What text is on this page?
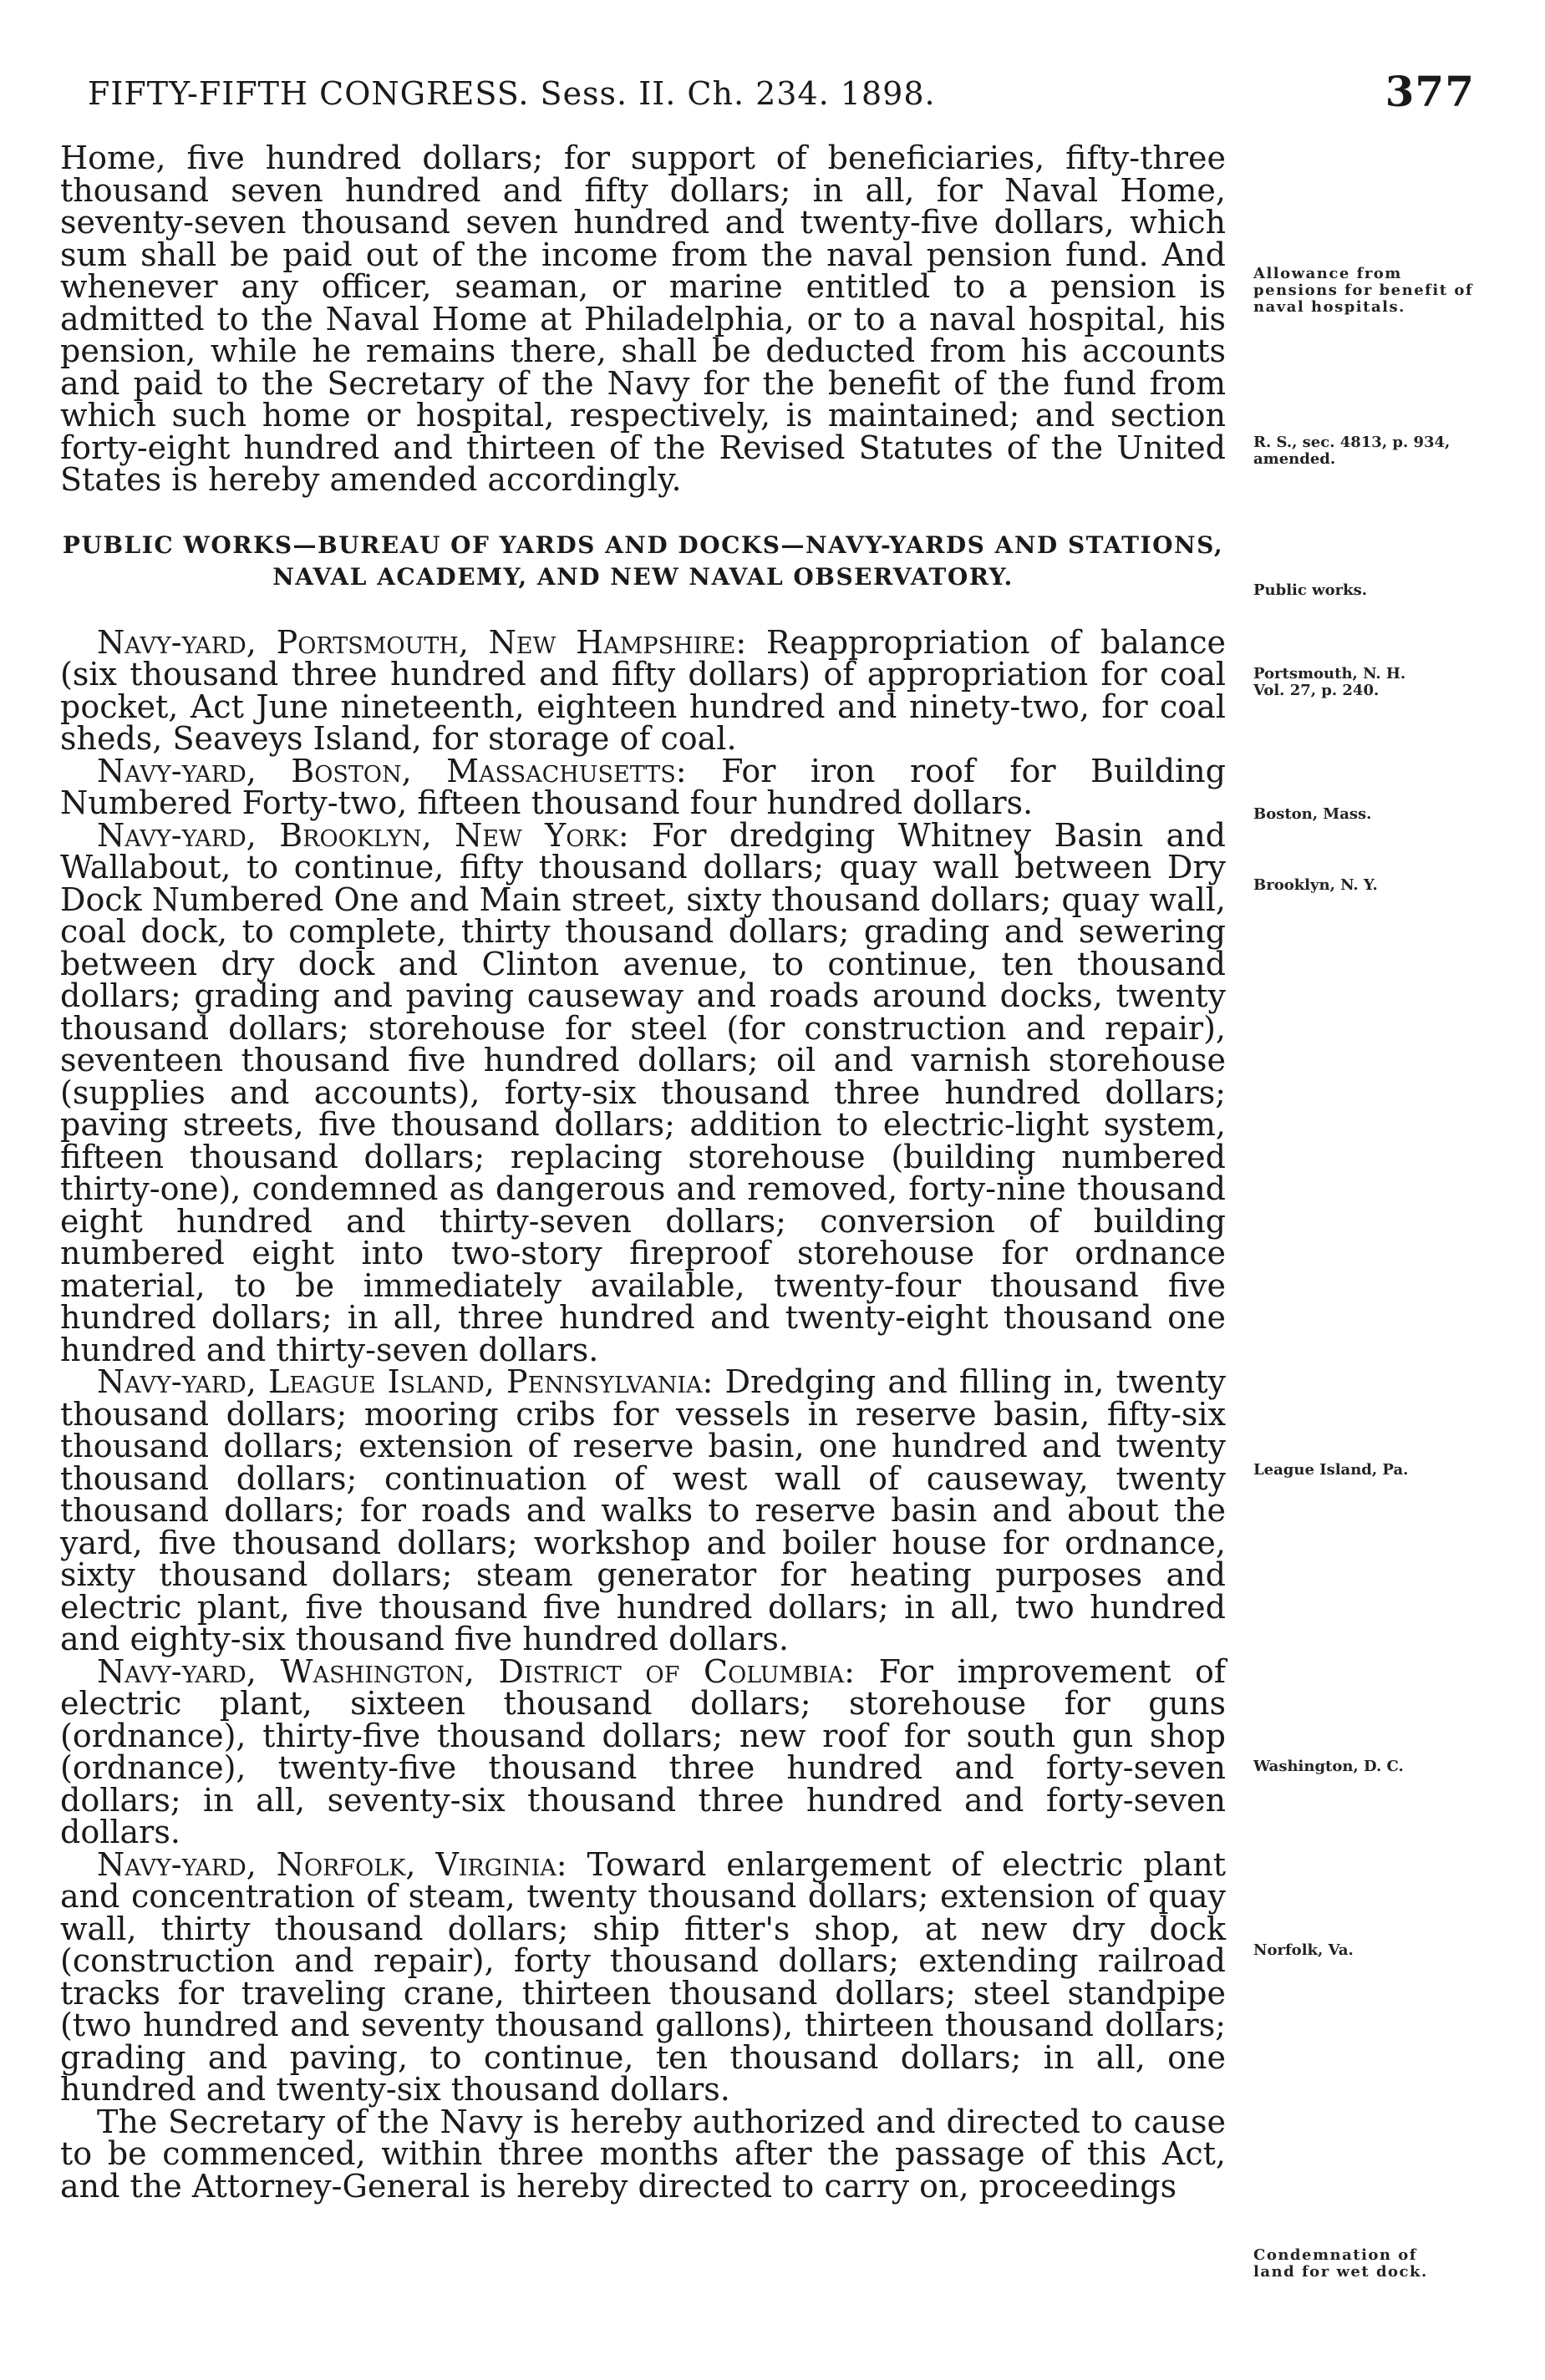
FIFTY-FIFTH CONGRESS. Sess. II. Ch. 234. 1898.	377

Home, five hundred dollars; for support of beneficiaries, fifty-three thousand seven hundred and fifty dollars; in all, for Naval Home, seventy-seven thousand seven hundred and twenty-five dollars, which sum shall be paid out of the income from the naval pension fund. And whenever any officer, seaman, or marine entitled to a pension is admitted to the Naval Home at Philadelphia, or to a naval hospital, his pension, while he remains there, shall be deducted from his accounts and paid to the Secretary of the Navy for the benefit of the fund from which such home or hospital, respectively, is maintained; and section forty-eight hundred and thirteen of the Revised Statutes of the United States is hereby amended accordingly.

PUBLIC WORKS—BUREAU OF YARDS AND DOCKS—NAVY-YARDS AND STATIONS, NAVAL ACADEMY, AND NEW NAVAL OBSERVATORY.

Navy-yard, Portsmouth, New Hampshire: Reappropriation of balance (six thousand three hundred and fifty dollars) of appropriation for coal pocket, Act June nineteenth, eighteen hundred and ninety-two, for coal sheds, Seaveys Island, for storage of coal.

Navy-yard, Boston, Massachusetts: For iron roof for Building Numbered Forty-two, fifteen thousand four hundred dollars.

Navy-yard, Brooklyn, New York: For dredging Whitney Basin and Wallabout, to continue, fifty thousand dollars; quay wall between Dry Dock Numbered One and Main street, sixty thousand dollars; quay wall, coal dock, to complete, thirty thousand dollars; grading and sewering between dry dock and Clinton avenue, to continue, ten thousand dollars; grading and paving causeway and roads around docks, twenty thousand dollars; storehouse for steel (for construction and repair), seventeen thousand five hundred dollars; oil and varnish storehouse (supplies and accounts), forty-six thousand three hundred dollars; paving streets, five thousand dollars; addition to electric-light system, fifteen thousand dollars; replacing storehouse (building numbered thirty-one), condemned as dangerous and removed, forty-nine thousand eight hundred and thirty-seven dollars; conversion of building numbered eight into two-story fireproof storehouse for ordnance material, to be immediately available, twenty-four thousand five hundred dollars; in all, three hundred and twenty-eight thousand one hundred and thirty-seven dollars.

Navy-yard, League Island, Pennsylvania: Dredging and filling in, twenty thousand dollars; mooring cribs for vessels in reserve basin, fifty-six thousand dollars; extension of reserve basin, one hundred and twenty thousand dollars; continuation of west wall of causeway, twenty thousand dollars; for roads and walks to reserve basin and about the yard, five thousand dollars; workshop and boiler house for ordnance, sixty thousand dollars; steam generator for heating purposes and electric plant, five thousand five hundred dollars; in all, two hundred and eighty-six thousand five hundred dollars.

Navy-yard, Washington, District of Columbia: For improvement of electric plant, sixteen thousand dollars; storehouse for guns (ordnance), thirty-five thousand dollars; new roof for south gun shop (ordnance), twenty-five thousand three hundred and forty-seven dollars; in all, seventy-six thousand three hundred and forty-seven dollars.

Navy-yard, Norfolk, Virginia: Toward enlargement of electric plant and concentration of steam, twenty thousand dollars; extension of quay wall, thirty thousand dollars; ship fitter's shop, at new dry dock (construction and repair), forty thousand dollars; extending railroad tracks for traveling crane, thirteen thousand dollars; steel standpipe (two hundred and seventy thousand gallons), thirteen thousand dollars; grading and paving, to continue, ten thousand dollars; in all, one hundred and twenty-six thousand dollars.

The Secretary of the Navy is hereby authorized and directed to cause to be commenced, within three months after the passage of this Act, and the Attorney-General is hereby directed to carry on, proceedings

Allowance from
pensions for benefit of
naval hospitals.
R. S., sec. 4813, p. 934,
amended.
Public works.
Portsmouth, N. H.
Vol. 27, p. 240.
Boston, Mass.
Brooklyn, N. Y.
League Island, Pa.
Washington, D. C.
Norfolk, Va.
Condemnation of
land for wet dock.
